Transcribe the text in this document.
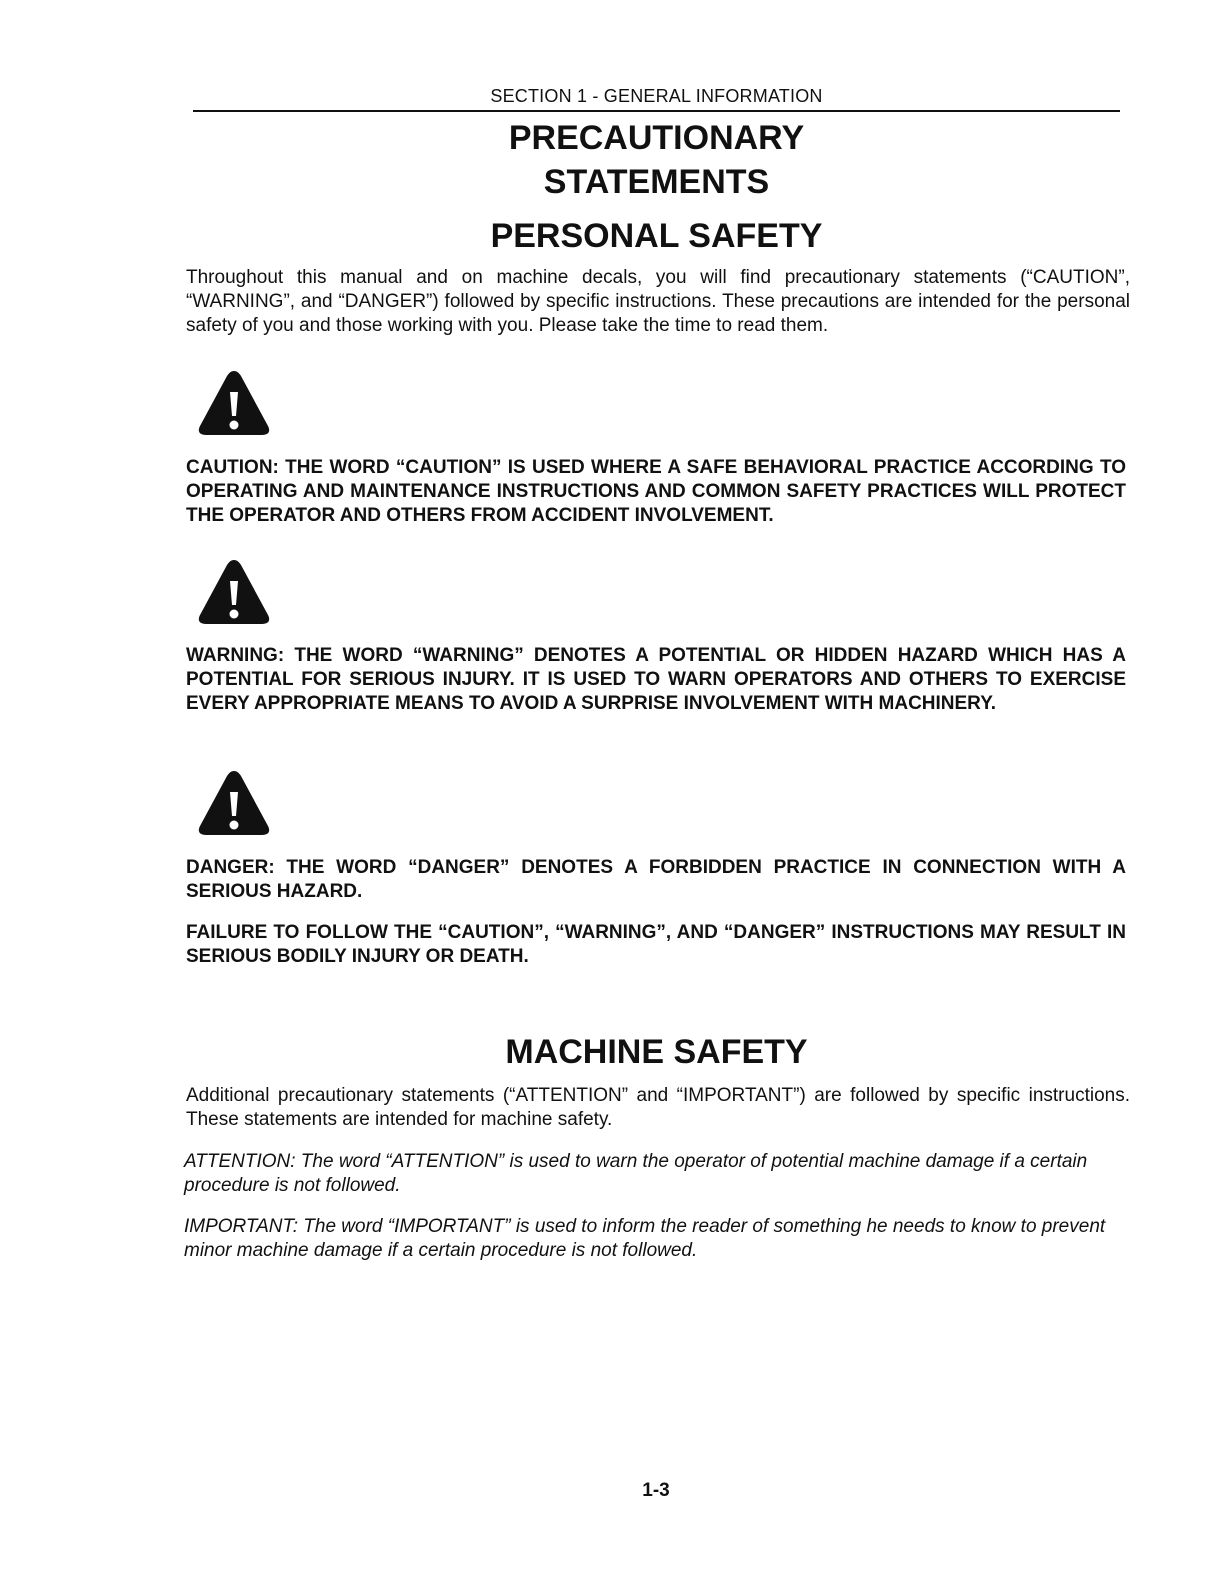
SECTION 1 - GENERAL INFORMATION
PRECAUTIONARY
STATEMENTS
PERSONAL SAFETY

Throughout this manual and on machine decals, you will find precautionary statements (“CAUTION”, “WARNING”, and “DANGER”) followed by specific instructions. These precautions are intended for the personal safety of you and those working with you. Please take the time to read them.

CAUTION: THE WORD “CAUTION” IS USED WHERE A SAFE BEHAVIORAL PRACTICE ACCORDING TO OPERATING AND MAINTENANCE INSTRUCTIONS AND COMMON SAFETY PRACTICES WILL PROTECT THE OPERATOR AND OTHERS FROM ACCIDENT INVOLVEMENT.

WARNING: THE WORD “WARNING” DENOTES A POTENTIAL OR HIDDEN HAZARD WHICH HAS A POTENTIAL FOR SERIOUS INJURY. IT IS USED TO WARN OPERATORS AND OTHERS TO EXERCISE EVERY APPROPRIATE MEANS TO AVOID A SURPRISE INVOLVEMENT WITH MACHINERY.

DANGER: THE WORD “DANGER” DENOTES A FORBIDDEN PRACTICE IN CONNECTION WITH A SERIOUS HAZARD.

FAILURE TO FOLLOW THE “CAUTION”, “WARNING”, AND “DANGER” INSTRUCTIONS MAY RESULT IN SERIOUS BODILY INJURY OR DEATH.

MACHINE SAFETY

Additional precautionary statements (“ATTENTION” and “IMPORTANT”) are followed by specific instructions. These statements are intended for machine safety.

ATTENTION: The word “ATTENTION” is used to warn the operator of potential machine damage if a certain procedure is not followed.

IMPORTANT: The word “IMPORTANT” is used to inform the reader of something he needs to know to prevent minor machine damage if a certain procedure is not followed.

1-3
